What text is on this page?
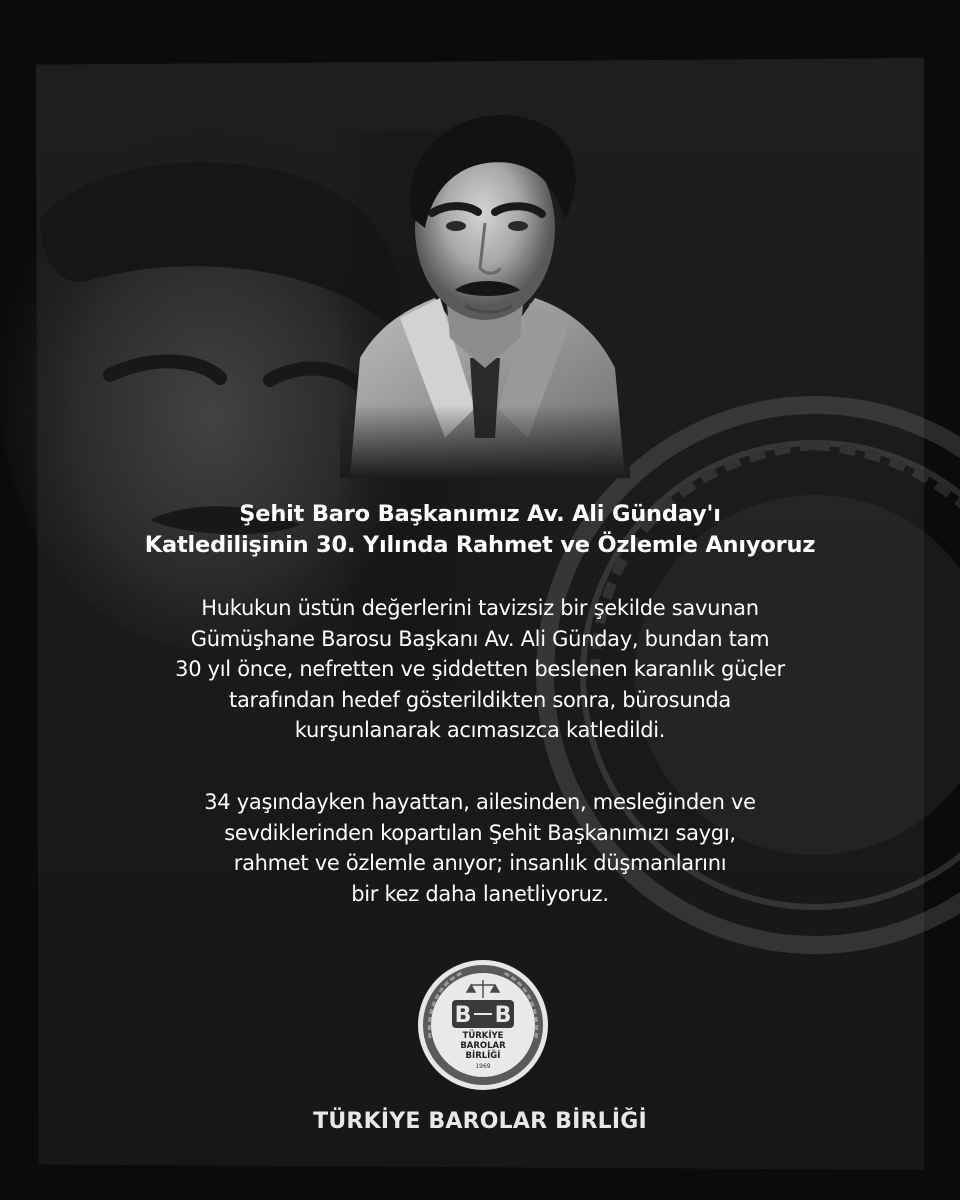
Şehit Baro Başkanımız Av. Ali Günday'ı
Katledilişinin 30. Yılında Rahmet ve Özlemle Anıyoruz
Hukukun üstün değerlerini tavizsiz bir şekilde savunan
Gümüşhane Barosu Başkanı Av. Ali Günday, bundan tam
30 yıl önce, nefretten ve şiddetten beslenen karanlık güçler
tarafından hedef gösterildikten sonra, bürosunda
kurşunlanarak acımasızca katledildi.
34 yaşındayken hayattan, ailesinden, mesleğinden ve
sevdiklerinden kopartılan Şehit Başkanımızı saygı,
rahmet ve özlemle anıyor; insanlık düşmanlarını
bir kez daha lanetliyoruz.
B B
TÜRKİYE
BAROLAR
BİRLİĞİ
1969
TÜRKİYE BAROLAR BİRLİĞİ
